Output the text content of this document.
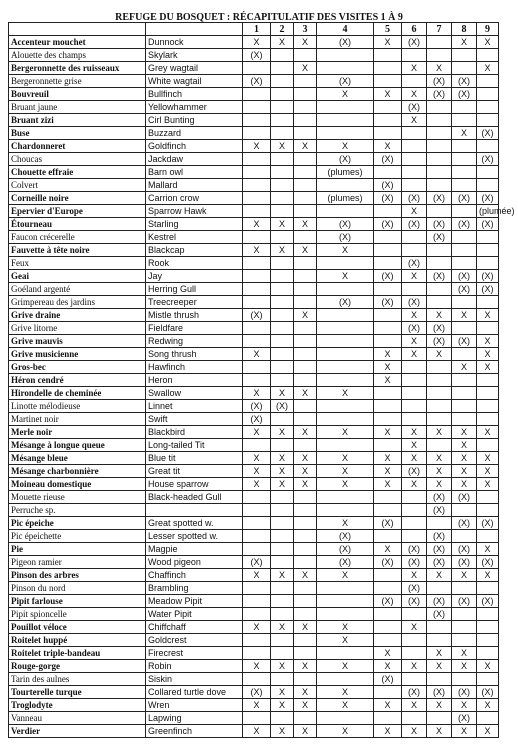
REFUGE DU BOSQUET : RÉCAPITULATIF DES VISITES 1 À 9
		1	2	3	4	5	6	7	8	9
Accenteur mouchet	Dunnock	X	X	X	(X)	X	(X)		X	X
Alouette des champs	Skylark	(X)								
Bergeronnette des ruisseaux	Grey wagtail			X			X	X		X
Bergeronnette grise	White wagtail	(X)			(X)			(X)	(X)	
Bouvreuil	Bullfinch				X	X	X	(X)	(X)	
Bruant jaune	Yellowhammer						(X)			
Bruant zizi	Cirl Bunting						X			
Buse	Buzzard								X	(X)
Chardonneret	Goldfinch	X	X	X	X	X				
Choucas	Jackdaw				(X)	(X)				(X)
Chouette effraie	Barn owl				(plumes)					
Colvert	Mallard					(X)				
Corneille noire	Carrion crow				(plumes)	(X)	(X)	(X)	(X)	(X)
Epervier d'Europe	Sparrow Hawk						X			(plumée)
Étourneau	Starling	X	X	X	(X)	(X)	(X)	(X)	(X)	(X)
Faucon crécerelle	Kestrel				(X)			(X)		
Fauvette à tête noire	Blackcap	X	X	X	X					
Feux	Rook						(X)			
Geai	Jay				X	(X)	X	(X)	(X)	(X)
Goéland argenté	Herring Gull								(X)	(X)
Grimpereau des jardins	Treecreeper				(X)	(X)	(X)			
Grive draine	Mistle thrush	(X)		X			X	X	X	X
Grive litorne	Fieldfare						(X)	(X)		
Grive mauvis	Redwing						X	(X)	(X)	X
Grive musicienne	Song thrush	X				X	X	X		X
Gros-bec	Hawfinch					X			X	X
Héron cendré	Heron					X				
Hirondelle de cheminée	Swallow	X	X	X	X					
Linotte mélodieuse	Linnet	(X)	(X)							
Martinet noir	Swift	(X)								
Merle noir	Blackbird	X	X	X	X	X	X	X	X	X
Mésange à longue queue	Long-tailed Tit						X		X	
Mésange bleue	Blue tit	X	X	X	X	X	X	X	X	X
Mésange charbonnière	Great tit	X	X	X	X	X	(X)	X	X	X
Moineau domestique	House sparrow	X	X	X	X	X	X	X	X	X
Mouette rieuse	Black-headed Gull							(X)	(X)	
Perruche sp.								(X)		
Pic épeiche	Great spotted w.				X	(X)			(X)	(X)
Pic épeichette	Lesser spotted w.				(X)			(X)		
Pie	Magpie				(X)	X	(X)	(X)	(X)	X
Pigeon ramier	Wood pigeon	(X)			(X)	(X)	(X)	(X)	(X)	(X)
Pinson des arbres	Chaffinch	X	X	X	X		X	X	X	X
Pinson du nord	Brambling						(X)			
Pipit farlouse	Meadow Pipit					(X)	(X)	(X)	(X)	(X)
Pipit spioncelle	Water Pipit							(X)		
Pouillot véloce	Chiffchaff	X	X	X	X		X			
Roitelet huppé	Goldcrest				X					
Roitelet triple-bandeau	Firecrest					X		X	X	
Rouge-gorge	Robin	X	X	X	X	X	X	X	X	X
Tarin des aulnes	Siskin					(X)				
Tourterelle turque	Collared turtle dove	(X)	X	X	X		(X)	(X)	(X)	(X)
Troglodyte	Wren	X	X	X	X	X	X	X	X	X
Vanneau	Lapwing								(X)	
Verdier	Greenfinch	X	X	X	X	X	X	X	X	X
